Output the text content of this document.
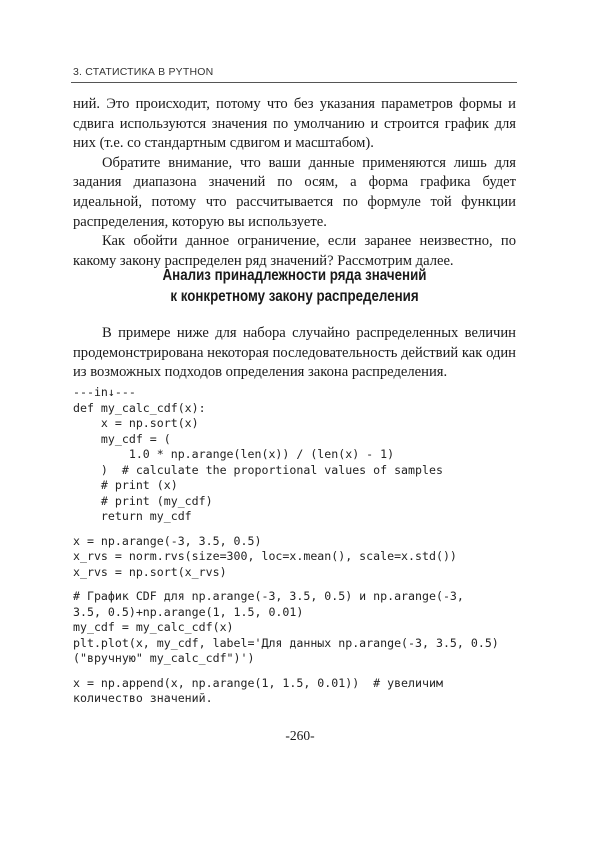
3. СТАТИСТИКА В PYTHON

ний. Это происходит, потому что без указания параметров формы и сдвига используются значения по умолчанию и строится график для них (т.е. со стандартным сдвигом и масштабом).

Обратите внимание, что ваши данные применяются лишь для задания диапазона значений по осям, а форма графика будет идеальной, потому что рассчитывается по формуле той функции распределения, которую вы используете.

Как обойти данное ограничение, если заранее неизвестно, по какому закону распределен ряд значений? Рассмотрим далее.

Анализ принадлежности ряда значений
к конкретному закону распределения

В примере ниже для набора случайно распределенных величин продемонстрирована некоторая последовательность действий как один из возможных подходов определения закона распределения.

---in↓---
def my_calc_cdf(x):
x = np.sort(x)
my_cdf = (
1.0 * np.arange(len(x)) / (len(x) - 1)
)  # calculate the proportional values of samples
# print (x)
# print (my_cdf)
return my_cdf
x = np.arange(-3, 3.5, 0.5)
x_rvs = norm.rvs(size=300, loc=x.mean(), scale=x.std())
x_rvs = np.sort(x_rvs)
# График CDF для np.arange(-3, 3.5, 0.5) и np.arange(-3,
3.5, 0.5)+np.arange(1, 1.5, 0.01)
my_cdf = my_calc_cdf(x)
plt.plot(x, my_cdf, label='Для данных np.arange(-3, 3.5, 0.5)
("вручную" my_calc_cdf")')
x = np.append(x, np.arange(1, 1.5, 0.01))  # увеличим
количество значений.
-260-
